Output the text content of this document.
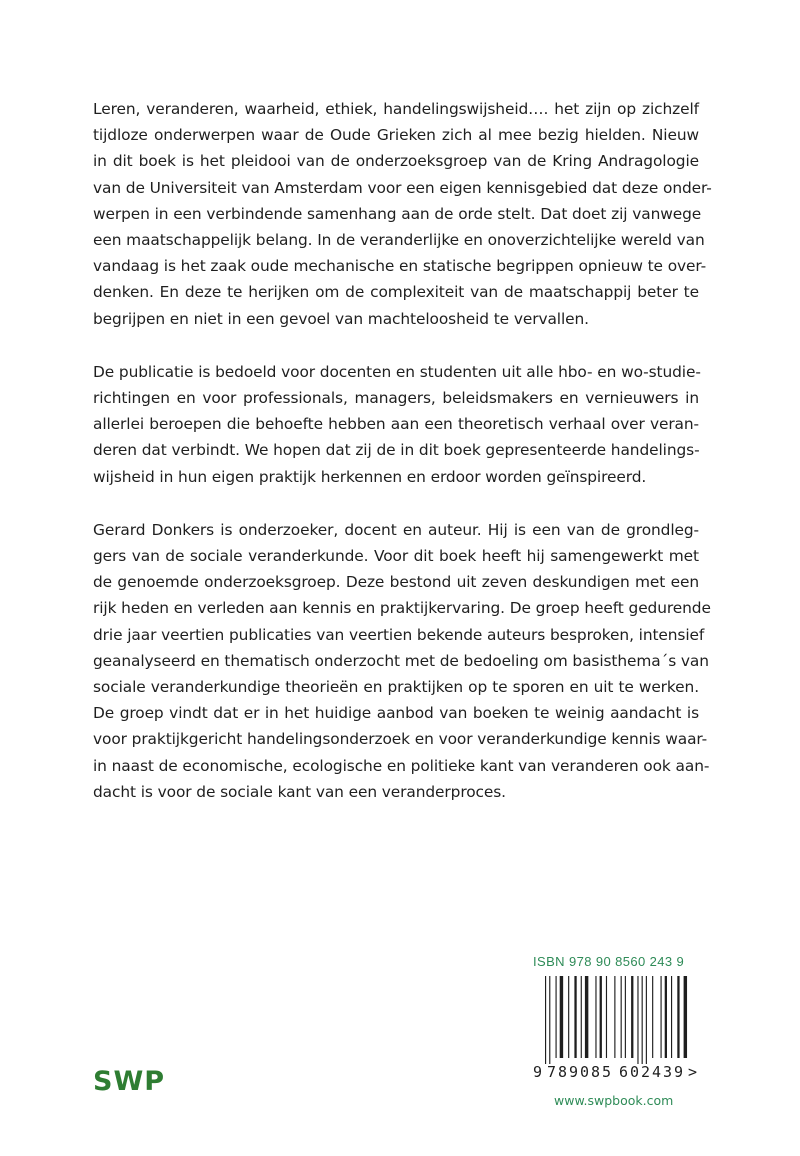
Leren, veranderen, waarheid, ethiek, handelingswijsheid…. het zijn op zichzelf
tijdloze onderwerpen waar de Oude Grieken zich al mee bezig hielden. Nieuw
in dit boek is het pleidooi van de onderzoeksgroep van de Kring Andragologie
van de Universiteit van Amsterdam voor een eigen kennisgebied dat deze onder-
werpen in een verbindende samenhang aan de orde stelt. Dat doet zij vanwege
een maatschappelijk belang. In de veranderlijke en onoverzichtelijke wereld van
vandaag is het zaak oude mechanische en statische begrippen opnieuw te over-
denken. En deze te herijken om de complexiteit van de maatschappij beter te
begrijpen en niet in een gevoel van machteloosheid te vervallen.

De publicatie is bedoeld voor docenten en studenten uit alle hbo- en wo-studie-
richtingen en voor professionals, managers, beleidsmakers en vernieuwers in
allerlei beroepen die behoefte hebben aan een theoretisch verhaal over veran-
deren dat verbindt. We hopen dat zij de in dit boek gepresenteerde handelings-
wijsheid in hun eigen praktijk herkennen en erdoor worden geïnspireerd.

Gerard Donkers is onderzoeker, docent en auteur. Hij is een van de grondleg-
gers van de sociale veranderkunde. Voor dit boek heeft hij samengewerkt met
de genoemde onderzoeksgroep. Deze bestond uit zeven deskundigen met een
rijk heden en verleden aan kennis en praktijkervaring. De groep heeft gedurende
drie jaar veertien publicaties van veertien bekende auteurs besproken, intensief
geanalyseerd en thematisch onderzocht met de bedoeling om basisthema´s van
sociale veranderkundige theorieën en praktijken op te sporen en uit te werken.
De groep vindt dat er in het huidige aanbod van boeken te weinig aandacht is
voor praktijkgericht handelingsonderzoek en voor veranderkundige kennis waar-
in naast de economische, ecologische en politieke kant van veranderen ook aan-
dacht is voor de sociale kant van een veranderproces.

ISBN 978 90 8560 243 9
9 789085 602439 >
www.swpbook.com
SWP
